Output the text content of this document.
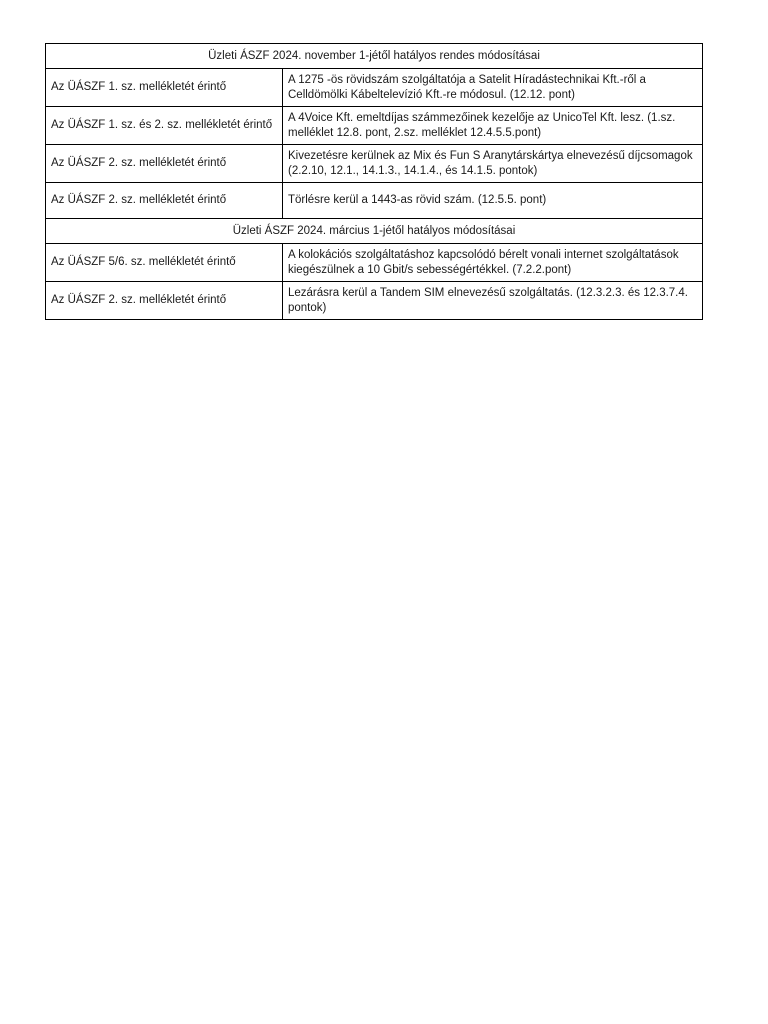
Üzleti ÁSZF 2024. november 1-jétől hatályos rendes módosításai	
Az ÜÁSZF 1. sz. mellékletét érintő	A 1275 -ös rövidszám szolgáltatója a Satelit Híradástechnikai Kft.-ről a Celldömölki Kábeltelevízió Kft.-re módosul. (12.12. pont)
Az ÜÁSZF 1. sz. és 2. sz. mellékletét érintő	A 4Voice Kft. emeltdíjas számmezőinek kezelője az UnicoTel Kft. lesz. (1.sz. melléklet 12.8. pont, 2.sz. melléklet 12.4.5.5.pont)
Az ÜÁSZF 2. sz. mellékletét érintő	Kivezetésre kerülnek az Mix és Fun S Aranytárskártya elnevezésű díjcsomagok (2.2.10, 12.1., 14.1.3., 14.1.4., és 14.1.5. pontok)
Az ÜÁSZF 2. sz. mellékletét érintő	Törlésre kerül a 1443-as rövid szám. (12.5.5. pont)
Üzleti ÁSZF 2024. március 1-jétől hatályos módosításai	
Az ÜÁSZF 5/6. sz. mellékletét érintő	A kolokációs szolgáltatáshoz kapcsolódó bérelt vonali internet szolgáltatások kiegészülnek a 10 Gbit/s sebességértékkel. (7.2.2.pont)
Az ÜÁSZF 2. sz. mellékletét érintő	Lezárásra kerül a Tandem SIM elnevezésű szolgáltatás. (12.3.2.3. és 12.3.7.4. pontok)
